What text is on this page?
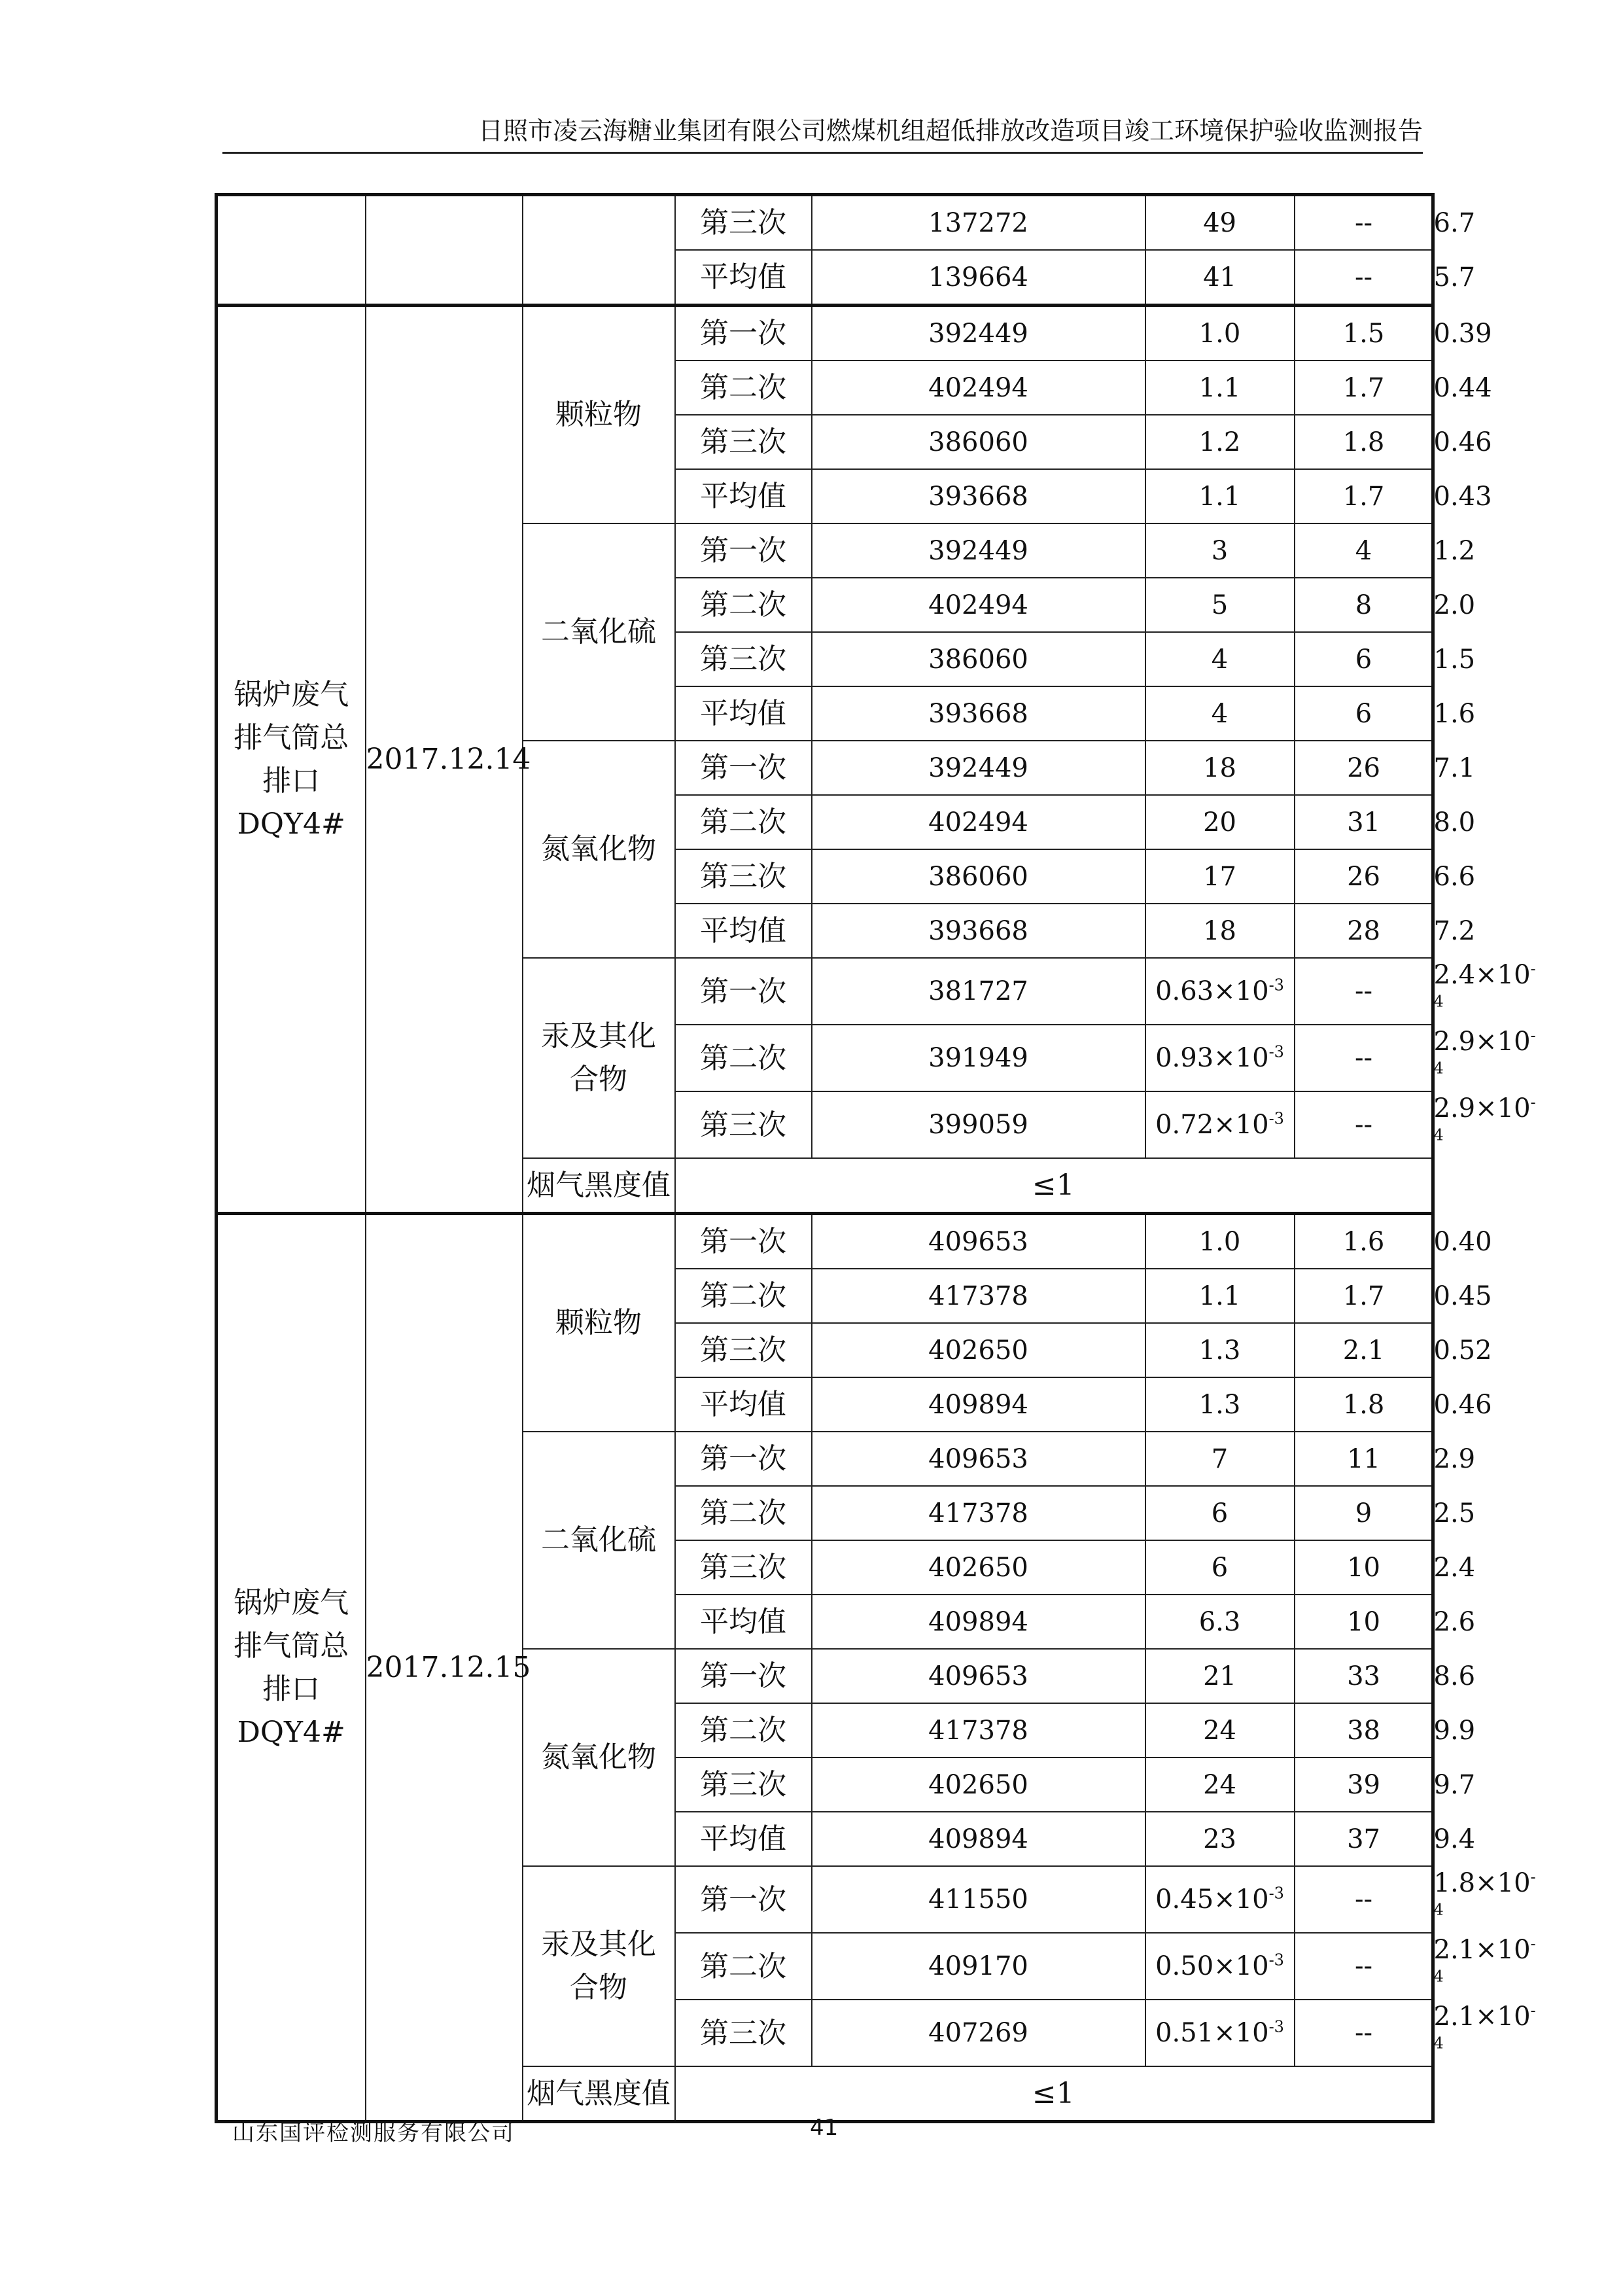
日照市凌云海糖业集团有限公司燃煤机组超低排放改造项目竣工环境保护验收监测报告
			第三次	137272	49	--	6.7
			平均值	139664	41	--	5.7
锅炉废气
排气筒总
排口
DQY4#	2017.12.14	颗粒物	第一次	392449	1.0	1.5	0.39
			第二次	402494	1.1	1.7	0.44
			第三次	386060	1.2	1.8	0.46
			平均值	393668	1.1	1.7	0.43
		二氧化硫	第一次	392449	3	4	1.2
			第二次	402494	5	8	2.0
			第三次	386060	4	6	1.5
			平均值	393668	4	6	1.6
		氮氧化物	第一次	392449	18	26	7.1
			第二次	402494	20	31	8.0
			第三次	386060	17	26	6.6
			平均值	393668	18	28	7.2
		汞及其化
合物	第一次	381727	$0.63\times 10^{-3}$	--	$2.4\times 10^{-4}$
			第二次	391949	$0.93\times 10^{-3}$	--	$2.9\times 10^{-4}$
			第三次	399059	$0.72\times 10^{-3}$	--	$2.9\times 10^{-4}$
		烟气黑度值	≤1				
锅炉废气
排气筒总
排口
DQY4#	2017.12.15	颗粒物	第一次	409653	1.0	1.6	0.40
			第二次	417378	1.1	1.7	0.45
			第三次	402650	1.3	2.1	0.52
			平均值	409894	1.3	1.8	0.46
		二氧化硫	第一次	409653	7	11	2.9
			第二次	417378	6	9	2.5
			第三次	402650	6	10	2.4
			平均值	409894	6.3	10	2.6
		氮氧化物	第一次	409653	21	33	8.6
			第二次	417378	24	38	9.9
			第三次	402650	24	39	9.7
			平均值	409894	23	37	9.4
		汞及其化
合物	第一次	411550	$0.45\times 10^{-3}$	--	$1.8\times 10^{-4}$
			第二次	409170	$0.50\times 10^{-3}$	--	$2.1\times 10^{-4}$
			第三次	407269	$0.51\times 10^{-3}$	--	$2.1\times 10^{-4}$
		烟气黑度值	≤1				
山东国评检测服务有限公司	41
